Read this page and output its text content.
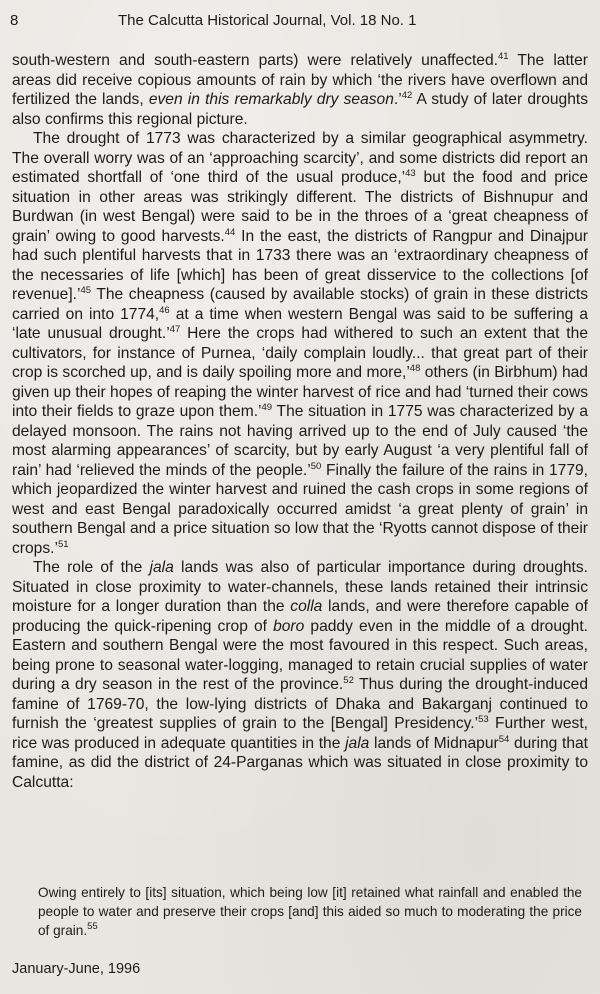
8	The Calcutta Historical Journal, Vol. 18 No. 1

south-western and south-eastern parts) were relatively unaffected.$^{41}$ The latter areas did receive copious amounts of rain by which ‘the rivers have overflown and fertilized the lands, even in this remarkably dry season.’$^{42}$ A study of later droughts also confirms this regional picture.

The drought of 1773 was characterized by a similar geographical asymmetry. The overall worry was of an ‘approaching scarcity’, and some districts did report an estimated shortfall of ‘one third of the usual produce,’$^{43}$ but the food and price situation in other areas was strikingly different. The districts of Bishnupur and Burdwan (in west Bengal) were said to be in the throes of a ‘great cheapness of grain’ owing to good harvests.$^{44}$ In the east, the districts of Rangpur and Dinajpur had such plentiful harvests that in 1733 there was an ‘extraordinary cheapness of the necessaries of life [which] has been of great disservice to the collections [of revenue].’$^{45}$ The cheapness (caused by available stocks) of grain in these districts carried on into 1774,46 at a time when western Bengal was said to be suffering a ‘late unusual drought.’$^{47}$ Here the crops had withered to such an extent that the cultivators, for instance of Purnea, ‘daily complain loudly... that great part of their crop is scorched up, and is daily spoiling more and more,’$^{48}$ others (in Birbhum) had given up their hopes of reaping the winter harvest of rice and had ‘turned their cows into their fields to graze upon them.’$^{49}$ The situation in 1775 was characterized by a delayed monsoon. The rains not having arrived up to the end of July caused ‘the most alarming appearances’ of scarcity, but by early August ‘a very plentiful fall of rain’ had ‘relieved the minds of the people.’$^{50}$ Finally the failure of the rains in 1779, which jeopardized the winter harvest and ruined the cash crops in some regions of west and east Bengal paradoxically occurred amidst ‘a great plenty of grain’ in southern Bengal and a price situation so low that the ‘Ryotts cannot dispose of their crops.’$^{51}$

The role of the jala lands was also of particular importance during droughts. Situated in close proximity to water-channels, these lands retained their intrinsic moisture for a longer duration than the colla lands, and were therefore capable of producing the quick-ripening crop of boro paddy even in the middle of a drought. Eastern and southern Bengal were the most favoured in this respect. Such areas, being prone to seasonal water-logging, managed to retain crucial supplies of water during a dry season in the rest of the province.$^{52}$ Thus during the drought-induced famine of 1769-70, the low-lying districts of Dhaka and Bakarganj continued to furnish the ‘greatest supplies of grain to the [Bengal] Presidency.’$^{53}$ Further west, rice was produced in adequate quantities in the jala lands of Midnapur$^{54}$ during that famine, as did the district of 24-Parganas which was situated in close proximity to Calcutta:

Owing entirely to [its] situation, which being low [it] retained what rainfall and enabled the people to water and preserve their crops [and] this aided so much to moderating the price of grain.$^{55}$

January-June, 1996
